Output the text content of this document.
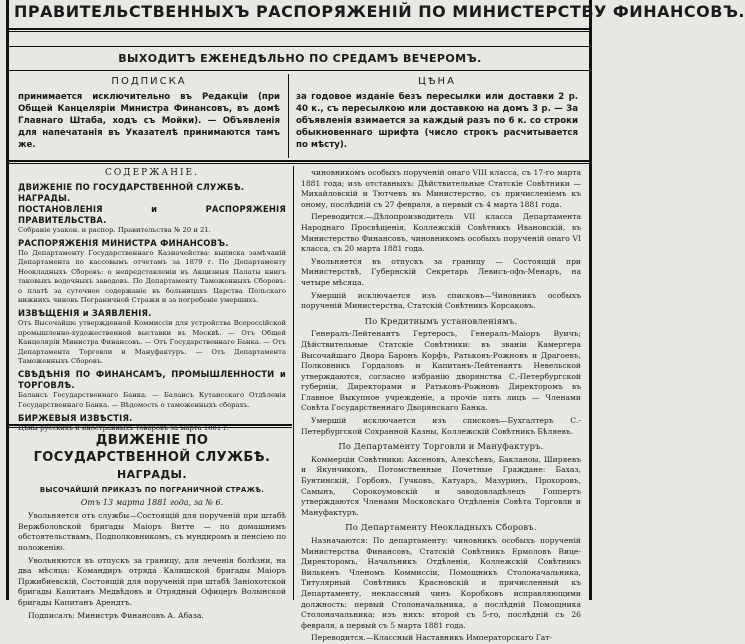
ПРАВИТЕЛЬСТВЕННЫХЪ РАСПОРЯЖЕНІЙ ПО МИНИСТЕРСТВУ ФИНАНСОВЪ.
ВЫХОДИТЪ ЕЖЕНЕДѢЛЬНО ПО СРЕДАМЪ ВЕЧЕРОМЪ.
ПОДПИСКА
принимается исключительно въ Редакціи (при Общей Канцеляріи Министра Финансовъ, въ домѣ Главнаго Штаба, ходъ съ Мойки). — Объявленія для напечатанія въ Указателѣ принимаются тамъ же.
ЦѢНА
за годовое изданіе безъ пересылки или доставки 2 р. 40 к., съ пересылкою или доставкою на домъ 3 р. — За объявленія взимается за каждый разъ по 6 к. со строки обыкновеннаго шрифта (число строкъ расчитывается по мѣсту).
СОДЕРЖАНІЕ.
ДВИЖЕНІЕ ПО ГОСУДАРСТВЕННОЙ СЛУЖБѢ.
НАГРАДЫ.
ПОСТАНОВЛЕНІЯ и РАСПОРЯЖЕНІЯ ПРАВИТЕЛЬСТВА.
Собраніе узакон. и распор. Правительства № 20 и 21.
РАСПОРЯЖЕНІЯ МИНИСТРА ФИНАНСОВЪ.
По Департаменту Государственнаго Казначейства: выписка замѣчаній Департамента по кассовымъ отчетамъ за 1879 г. По Департаменту Неокладныхъ Сборовъ: о непредставленіи въ Акцизныя Палаты книгъ таковыхъ водочныхъ заводовъ. По Департаменту Таможенныхъ Сборовъ: о платѣ за суточное содержаніе въ больницахъ Царства Польскаго нижнихъ чиновъ Пограничной Стражи и за погребеніе умершихъ.
ИЗВѢЩЕНІЯ и ЗАЯВЛЕНІЯ.
Отъ Высочайше утвержденной Коммиссіи для устройства Всероссійской промышленно-художественной выставки въ Москвѣ. — Отъ Общей Канцеляріи Министра Финансовъ. — Отъ Государственнаго Банка. — Отъ Департамента Торговли и Мануфактуръ. — Отъ Департамента Таможенныхъ Сборовъ.
СВѢДѢНІЯ ПО ФИНАНСАМЪ, ПРОМЫШЛЕННОСТИ и ТОРГОВЛѢ.
Балансъ Государственнаго Банка. — Балансъ Кутаисскаго Отдѣленія Государственнаго Банка. — Вѣдомость о таможенныхъ сборахъ.
БИРЖЕВЫЯ ИЗВѢСТІЯ.
Цѣны русскихъ и иностранныхъ товаровъ за марта 1881 г.
ДВИЖЕНІЕ ПО ГОСУДАРСТВЕННОЙ СЛУЖБѢ.
НАГРАДЫ.
ВЫСОЧАЙШІЙ ПРИКАЗЪ ПО ПОГРАНИЧНОЙ СТРАЖѢ.
Отъ 13 марта 1881 года, за № 6.

Увольняется отъ службы—Состоящій для порученій при штабѣ Вержболовской бригады Маіоръ Витте — по домашнимъ обстоятельствамъ, Подполковникомъ, съ мундиромъ и пенсіею по положенію.

Увольняются въ отпускъ за границу, для леченія болѣзни, на два мѣсяца: Командиръ отряда Калишской бригады Маіоръ Пржибиевскій, Состоящій для порученій при штабѣ Заніохотской бригады Капитанъ Медвѣдовъ и Отрядный Офицеръ Волынской бригады Капитанъ Арендтъ.

Подписалъ: Министръ Финансовъ А. Абаза.

чиновникомъ особыхъ порученій онаго VIII класса, съ 17-го марта 1881 года; изъ отставныхъ: Дѣйствительные Статскіе Совѣтники — Михайловскій и Тютчевъ въ Министерство, съ причисленіемъ къ оному, послѣдній съ 27 февраля, а первый съ 4 марта 1881 года.

Переводится.—Дѣлопроизводитель VII класса Департамента Народнаго Просвѣщенія, Коллежскій Совѣтникъ Ивановскій, въ Министерство Финансовъ, чиновникомъ особыхъ порученій онаго VI класса, съ 20 марта 1881 года.

Увольняется въ отпускъ за границу — Состоящій при Министерствѣ, Губернскій Секретарь Левисъ-офъ-Менаръ, на четыре мѣсяца.

Умершій исключается изъ списковъ—Чиновникъ особыхъ порученій Министерства, Статскій Совѣтникъ Корсаковъ.

По Кредитнымъ установленіямъ.

Генералъ-Лейтенантъ Гертеросъ, Генералъ-Маіоръ Вуичъ; Дѣйствительные Статскіе Совѣтники: въ званіи Камергера Высочайшаго Двора Баронъ Корфъ, Ратьковъ-Рожновъ и Драгоевъ, Полковникъ Гордаловъ и Капитанъ-Лейтенантъ Невельской утверждаются, согласно избранію дворянства С.-Петербургской губерніи, Директорами и Ратьковъ-Рожновъ Директоромъ въ Главное Выкупное учрежденіе, а прочіе пять лицъ — Членами Совѣта Государственнаго Дворянскаго Банка.

Умершій исключается изъ списковъ—Бухгалтеръ С.-Петербургской Сохранной Казны, Коллежскій Совѣтникъ Бѣляевъ.

По Департаменту Торговли и Мануфактуръ.

Коммерціи Совѣтники: Аксеновъ, Алексѣевъ, Бакланоы, Ширяевъ и Якунчиковъ, Потомственные Почетные Граждане: Бахаз, Бунтинскій, Горбовъ, Гучковъ, Катуаръ, Мазуринъ, Прохоровъ, Самынъ, Сорокоумовскій и заводовладѣлецъ Гоппертъ утверждаются Членами Московскаго Отдѣленія Совѣта Торговли и Мануфактуръ.

По Департаменту Неокладныхъ Сборовъ.

Назначаются: По департаменту: чиновникъ особыхъ порученій Министерства Финансовъ, Статскій Совѣтникъ Ермоловъ Вице-Директоромъ, Начальникъ Отдѣленія, Коллежскій Совѣтникъ Вилькенъ Членомъ Коммиссіи, Помощникъ Столоначальника, Титулярный Совѣтникъ Красновскій и причисленный къ Департаменту, неклассный чинъ Коробковъ исправляющими должность: первый Столоначальника, а послѣдній Помощника Столоначальника; изъ нихъ: второй съ 5-го, послѣдній съ 26 февраля, а первый съ 5 марта 1881 года.

Переводится.—Классный Наставникъ Императорскаго Гат-
